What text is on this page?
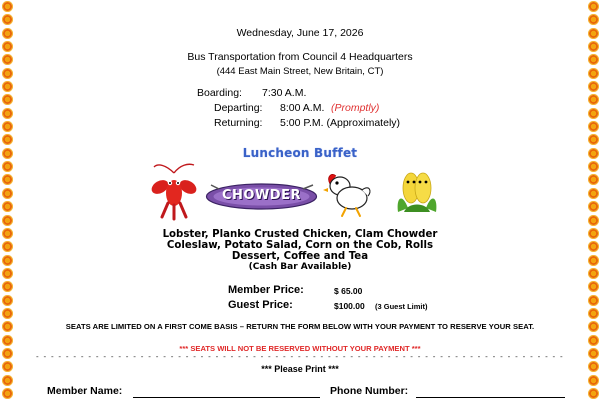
Wednesday, June 17, 2026
Bus Transportation from Council 4 Headquarters
(444 East Main Street, New Britain, CT)
Boarding: 7:30 A.M.
Departing: 8:00 A.M. (Promptly)
Returning: 5:00 P.M. (Approximately)
Luncheon Buffet
CHOWDER
Lobster, Planko Crusted Chicken, Clam Chowder
Coleslaw, Potato Salad, Corn on the Cob, Rolls
Dessert, Coffee and Tea
(Cash Bar Available)
Member Price:	$ 65.00
Guest Price:	$100.00 (3 Guest Limit)
SEATS ARE LIMITED ON A FIRST COME BASIS – RETURN THE FORM BELOW WITH YOUR PAYMENT TO RESERVE YOUR SEAT.
*** SEATS WILL NOT BE RESERVED WITHOUT YOUR PAYMENT ***
- - - - - - - - - - - - - - - - - - - - - - - - - - - - - - - - - - - - - - - - - - - - - - - - - - - - - - - - - - - - - - - - - - - - - - -
*** Please Print ***
Member Name:	Phone Number:
